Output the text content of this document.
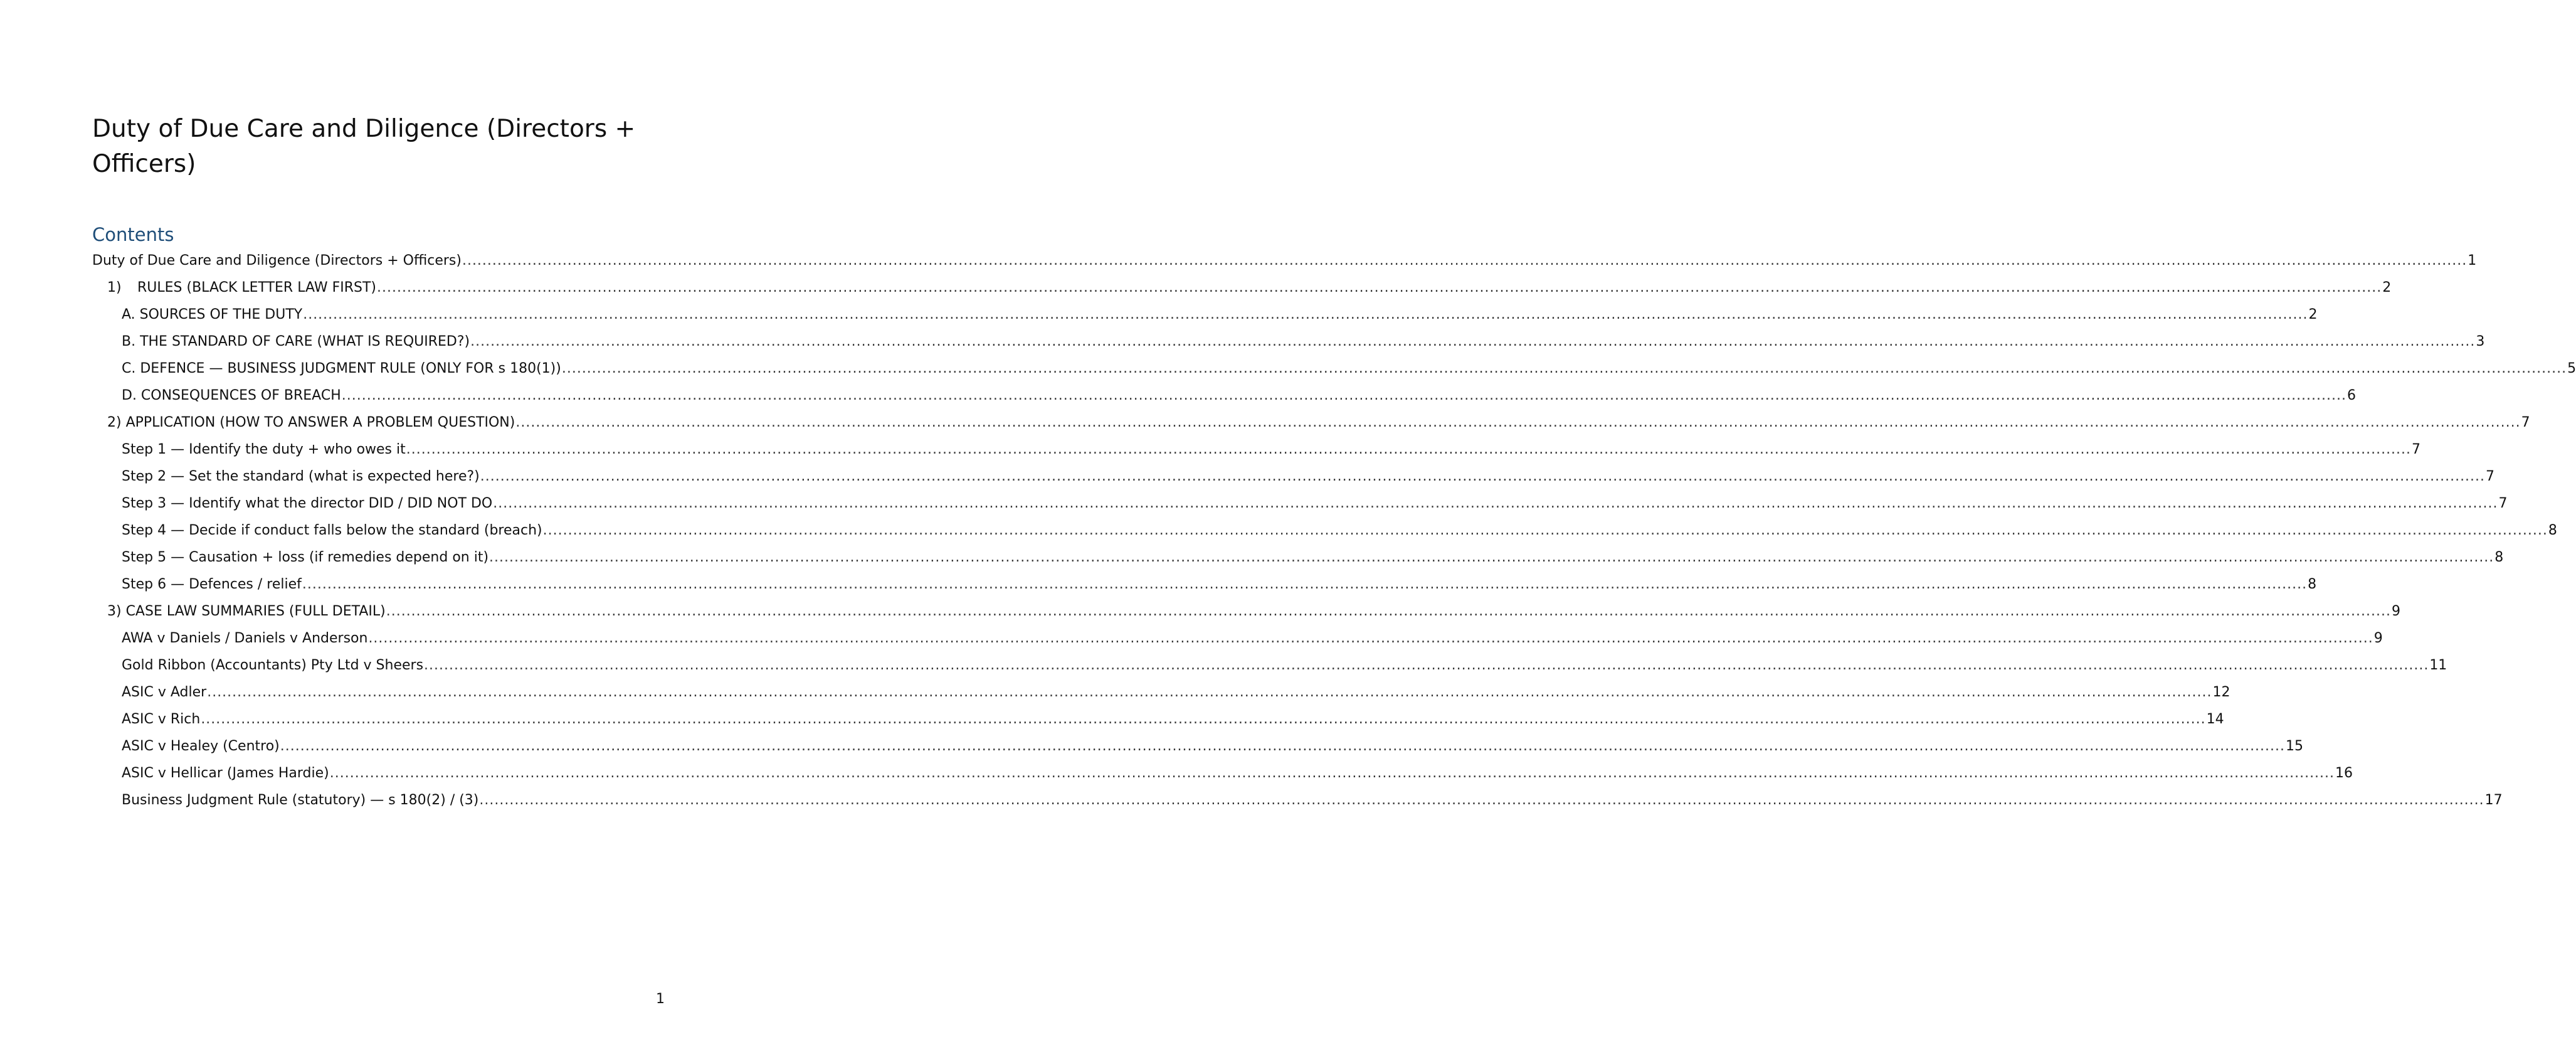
Duty of Due Care and Diligence (Directors + Officers)
Contents
Duty of Due Care and Diligence (Directors + Officers) ................................................................................................................................................................................................................................................................................................................................................................................................................ 1
1) RULES (BLACK LETTER LAW FIRST) ................................................................................................................................................................................................................................................................................................................................................................................................................ 2
A. SOURCES OF THE DUTY ................................................................................................................................................................................................................................................................................................................................................................................................................ 2
B. THE STANDARD OF CARE (WHAT IS REQUIRED?) ................................................................................................................................................................................................................................................................................................................................................................................................................ 3
C. DEFENCE — BUSINESS JUDGMENT RULE (ONLY FOR s 180(1)) ................................................................................................................................................................................................................................................................................................................................................................................................................ 5
D. CONSEQUENCES OF BREACH ................................................................................................................................................................................................................................................................................................................................................................................................................ 6
2) APPLICATION (HOW TO ANSWER A PROBLEM QUESTION) ................................................................................................................................................................................................................................................................................................................................................................................................................ 7
Step 1 — Identify the duty + who owes it ................................................................................................................................................................................................................................................................................................................................................................................................................ 7
Step 2 — Set the standard (what is expected here?) ................................................................................................................................................................................................................................................................................................................................................................................................................ 7
Step 3 — Identify what the director DID / DID NOT DO ................................................................................................................................................................................................................................................................................................................................................................................................................ 7
Step 4 — Decide if conduct falls below the standard (breach) ................................................................................................................................................................................................................................................................................................................................................................................................................ 8
Step 5 — Causation + loss (if remedies depend on it) ................................................................................................................................................................................................................................................................................................................................................................................................................ 8
Step 6 — Defences / relief ................................................................................................................................................................................................................................................................................................................................................................................................................ 8
3) CASE LAW SUMMARIES (FULL DETAIL) ................................................................................................................................................................................................................................................................................................................................................................................................................ 9
AWA v Daniels / Daniels v Anderson ................................................................................................................................................................................................................................................................................................................................................................................................................ 9
Gold Ribbon (Accountants) Pty Ltd v Sheers ................................................................................................................................................................................................................................................................................................................................................................................................................ 11
ASIC v Adler ................................................................................................................................................................................................................................................................................................................................................................................................................ 12
ASIC v Rich ................................................................................................................................................................................................................................................................................................................................................................................................................ 14
ASIC v Healey (Centro) ................................................................................................................................................................................................................................................................................................................................................................................................................ 15
ASIC v Hellicar (James Hardie) ................................................................................................................................................................................................................................................................................................................................................................................................................ 16
Business Judgment Rule (statutory) — s 180(2) / (3) ................................................................................................................................................................................................................................................................................................................................................................................................................ 17
1
